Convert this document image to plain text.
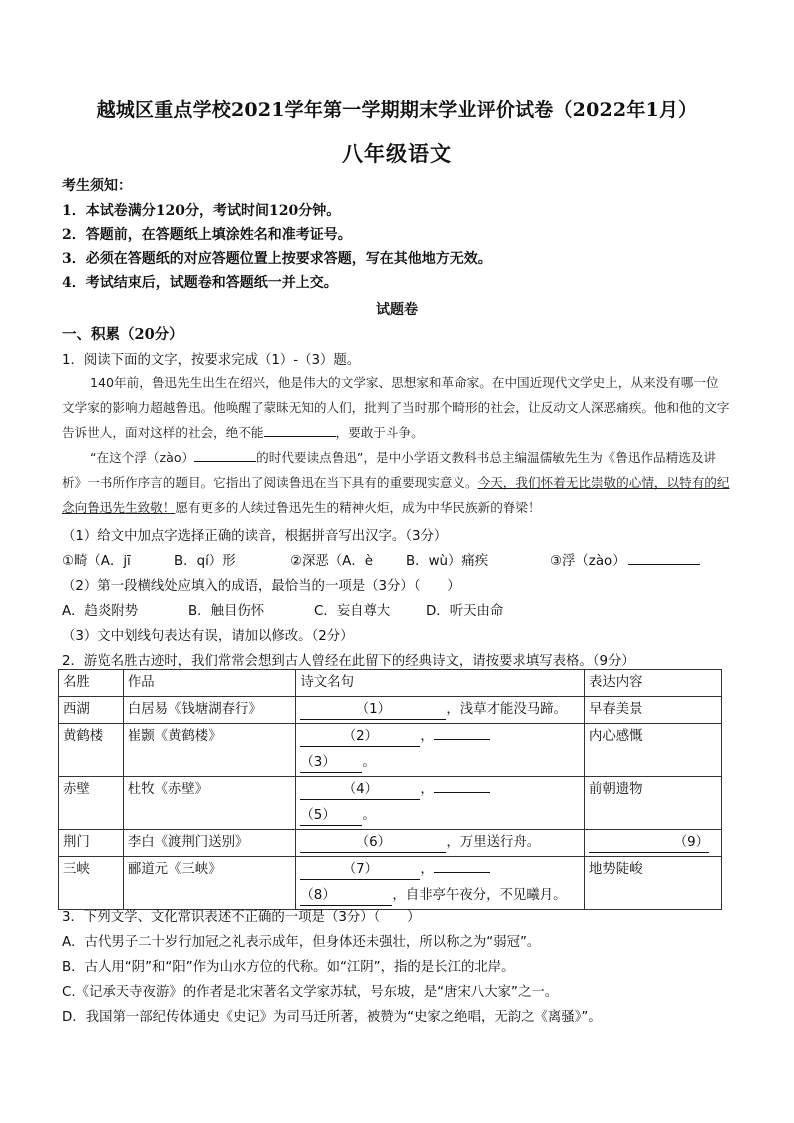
越城区重点学校2021学年第一学期期末学业评价试卷（2022年1月）
八年级语文
考生须知：
1．本试卷满分120分，考试时间120分钟。
2．答题前，在答题纸上填涂姓名和准考证号。
3．必须在答题纸的对应答题位置上按要求答题，写在其他地方无效。
4．考试结束后，试题卷和答题纸一并上交。
试题卷
一、积累（20分）
1．阅读下面的文字，按要求完成（1）-（3）题。
140年前，鲁迅先生出生在绍兴，他是伟大的文学家、思想家和革命家。在中国近现代文学史上，从来没有哪一位文学家的影响力超越鲁迅。他唤醒了蒙昧无知的人们，批判了当时那个畸形的社会，让反动文人深恶痛疾。他和他的文字告诉世人，面对这样的社会，绝不能	，要敢于斗争。
“在这个浮（zào）	的时代要读点鲁迅”，是中小学语文教科书总主编温儒敏先生为《鲁迅作品精选及讲析》一书所作序言的题目。它指出了阅读鲁迅在当下具有的重要现实意义。今天，我们怀着无比崇敬的心情，以特有的纪念向鲁迅先生致敬！愿有更多的人续过鲁迅先生的精神火炬，成为中华民族新的脊梁！
（1）给文中加点字选择正确的读音，根据拼音写出汉字。（3分）
①畸（A．jī	B．qí）形	②深恶（A．è B．wù）痛疾	③浮（zào）
（2）第一段横线处应填入的成语，最恰当的一项是（3分）（　　）
A．趋炎附势	B．触目伤怀	C．妄自尊大	D．听天由命
（3）文中划线句表达有误，请加以修改。（2分）
2．游览名胜古迹时，我们常常会想到古人曾经在此留下的经典诗文，请按要求填写表格。（9分）
名胜	作品	诗文名句	表达内容
西湖	白居易《钱塘湖春行》	（1） ，浅草才能没马蹄。	早春美景
黄鹤楼	崔颢《黄鹤楼》	（2） ，
（3） 。	内心感慨
赤壁	杜牧《赤壁》	（4） ，
（5） 。	前朝遗物
荆门	李白《渡荆门送别》	（6） ，万里送行舟。	（9）
三峡	郦道元《三峡》	（7） ，
（8） ，自非亭午夜分，不见曦月。	地势陡峻
3．下列文学、文化常识表述不正确的一项是（3分）（　　）
A．古代男子二十岁行加冠之礼表示成年，但身体还未强壮，所以称之为“弱冠”。
B．古人用“阴”和“阳”作为山水方位的代称。如“江阴”，指的是长江的北岸。
C.《记承天寺夜游》的作者是北宋著名文学家苏轼，号东坡，是“唐宋八大家”之一。
D．我国第一部纪传体通史《史记》为司马迁所著，被赞为“史家之绝唱，无韵之《离骚》”。
